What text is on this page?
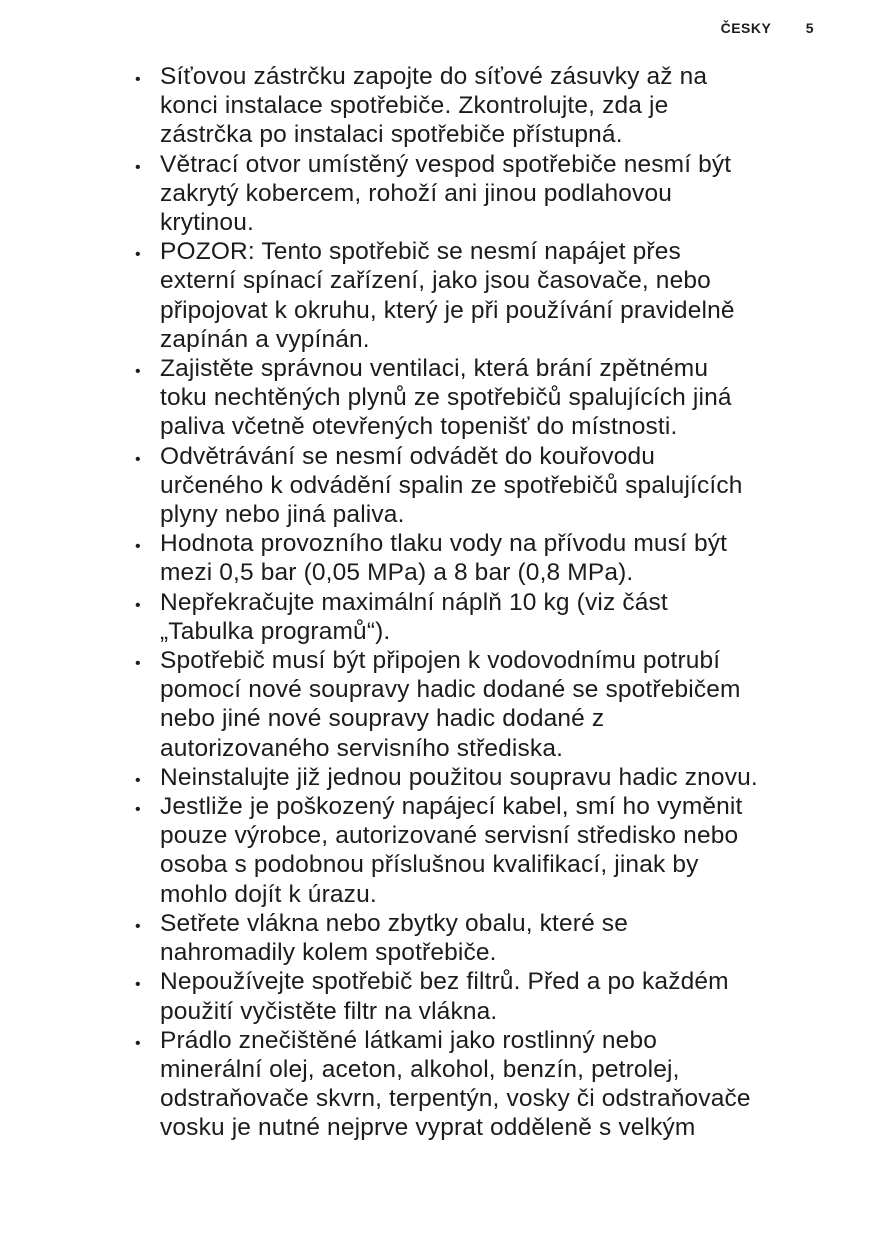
ČESKY 5
• Síťovou zástrčku zapojte do síťové zásuvky až na
konci instalace spotřebiče. Zkontrolujte, zda je
zástrčka po instalaci spotřebiče přístupná.
• Větrací otvor umístěný vespod spotřebiče nesmí být
zakrytý kobercem, rohoží ani jinou podlahovou
krytinou.
• POZOR: Tento spotřebič se nesmí napájet přes
externí spínací zařízení, jako jsou časovače, nebo
připojovat k okruhu, který je při používání pravidelně
zapínán a vypínán.
• Zajistěte správnou ventilaci, která brání zpětnému
toku nechtěných plynů ze spotřebičů spalujících jiná
paliva včetně otevřených topenišť do místnosti.
• Odvětrávání se nesmí odvádět do kouřovodu
určeného k odvádění spalin ze spotřebičů spalujících
plyny nebo jiná paliva.
• Hodnota provozního tlaku vody na přívodu musí být
mezi 0,5 bar (0,05 MPa) a 8 bar (0,8 MPa).
• Nepřekračujte maximální náplň 10 kg (viz část
„Tabulka programů“).
• Spotřebič musí být připojen k vodovodnímu potrubí
pomocí nové soupravy hadic dodané se spotřebičem
nebo jiné nové soupravy hadic dodané z
autorizovaného servisního střediska.
• Neinstalujte již jednou použitou soupravu hadic znovu.
• Jestliže je poškozený napájecí kabel, smí ho vyměnit
pouze výrobce, autorizované servisní středisko nebo
osoba s podobnou příslušnou kvalifikací, jinak by
mohlo dojít k úrazu.
• Setřete vlákna nebo zbytky obalu, které se
nahromadily kolem spotřebiče.
• Nepoužívejte spotřebič bez filtrů. Před a po každém
použití vyčistěte filtr na vlákna.
• Prádlo znečištěné látkami jako rostlinný nebo
minerální olej, aceton, alkohol, benzín, petrolej,
odstraňovače skvrn, terpentýn, vosky či odstraňovače
vosku je nutné nejprve vyprat odděleně s velkým
